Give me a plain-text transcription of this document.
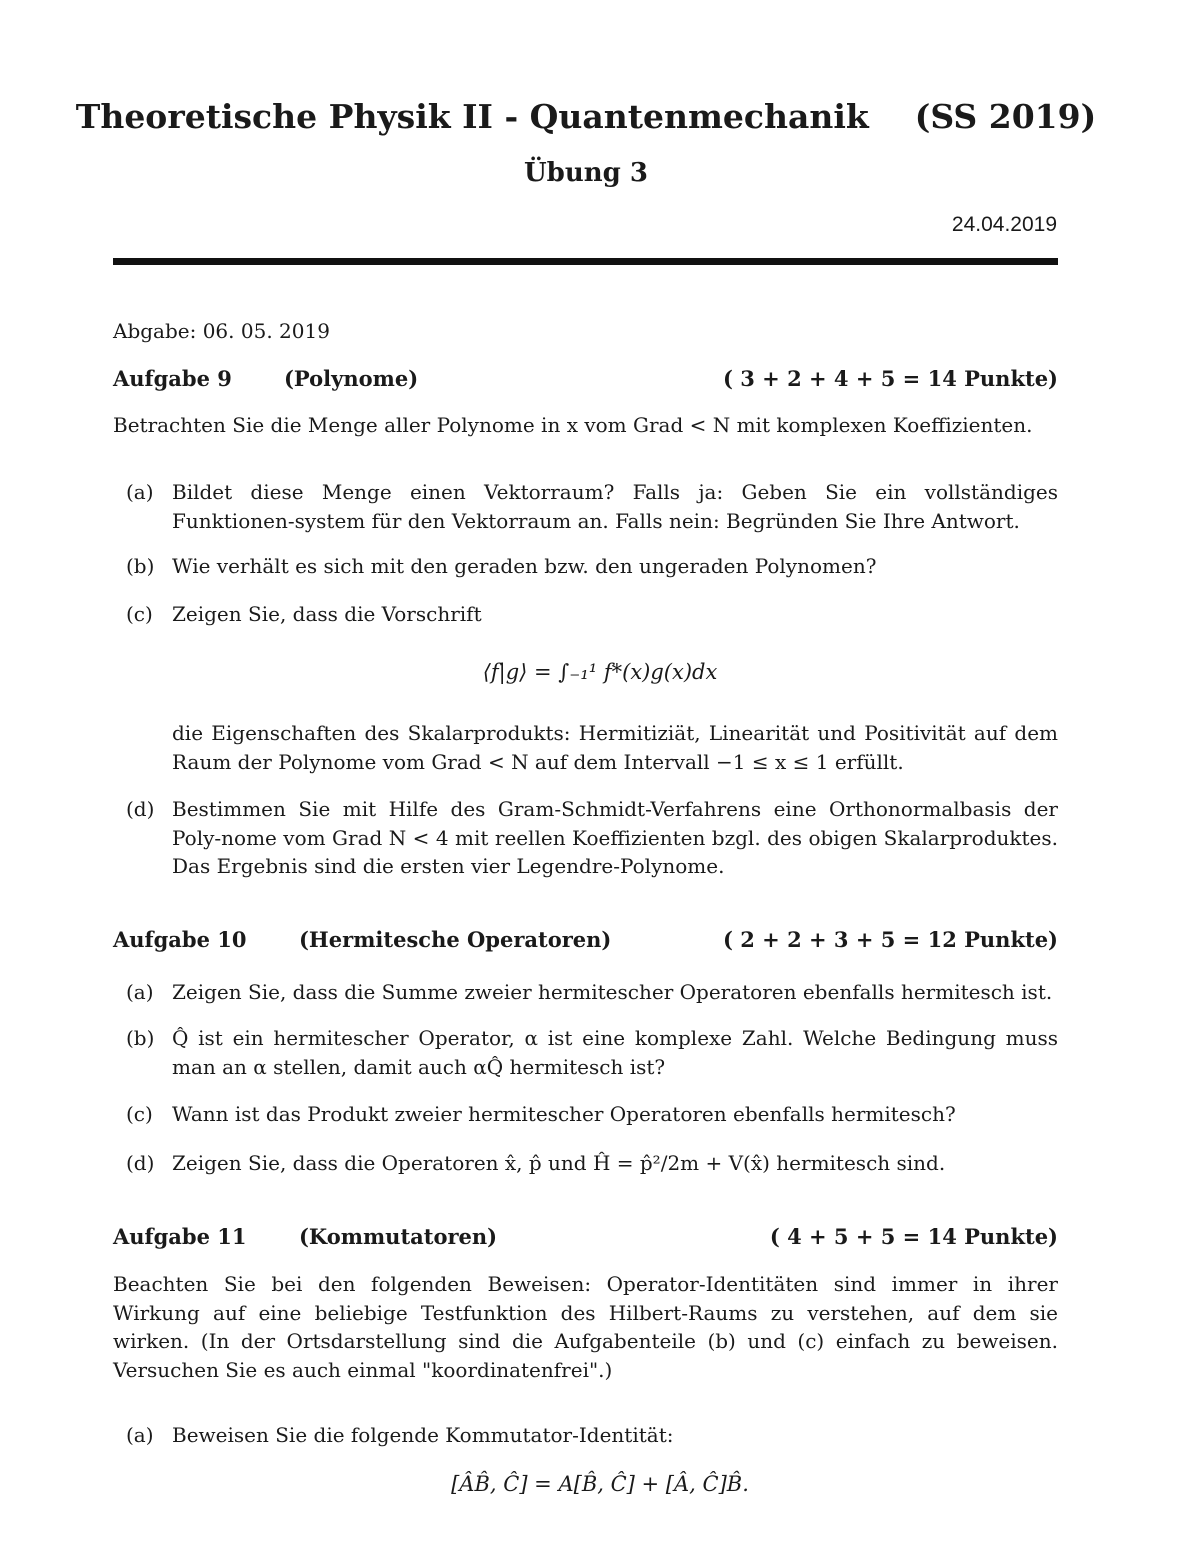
Theoretische Physik II - Quantenmechanik    (SS 2019)
Übung 3
24.04.2019
Abgabe: 06. 05. 2019
Aufgabe 9 (Polynome)	( 3 + 2 + 4 + 5 = 14 Punkte)
Betrachten Sie die Menge aller Polynome in x vom Grad < N mit komplexen Koeffizienten.
(a) Bildet diese Menge einen Vektorraum? Falls ja: Geben Sie ein vollständiges Funktionen-system für den Vektorraum an. Falls nein: Begründen Sie Ihre Antwort.
(b) Wie verhält es sich mit den geraden bzw. den ungeraden Polynomen?
(c) Zeigen Sie, dass die Vorschrift
⟨f|g⟩ = ∫₋₁¹ f*(x)g(x)dx
die Eigenschaften des Skalarprodukts: Hermitiziät, Linearität und Positivität auf dem Raum der Polynome vom Grad < N auf dem Intervall −1 ≤ x ≤ 1 erfüllt.
(d) Bestimmen Sie mit Hilfe des Gram-Schmidt-Verfahrens eine Orthonormalbasis der Poly-nome vom Grad N < 4 mit reellen Koeffizienten bzgl. des obigen Skalarproduktes. Das Ergebnis sind die ersten vier Legendre-Polynome.
Aufgabe 10	(Hermitesche Operatoren)	( 2 + 2 + 3 + 5 = 12 Punkte)
(a) Zeigen Sie, dass die Summe zweier hermitescher Operatoren ebenfalls hermitesch ist.
(b) Q̂ ist ein hermitescher Operator, α ist eine komplexe Zahl. Welche Bedingung muss man an α stellen, damit auch αQ̂ hermitesch ist?
(c) Wann ist das Produkt zweier hermitescher Operatoren ebenfalls hermitesch?
(d) Zeigen Sie, dass die Operatoren x̂, p̂ und Ĥ = p̂²/2m + V(x̂) hermitesch sind.
Aufgabe 11	(Kommutatoren)	( 4 + 5 + 5 = 14 Punkte)
Beachten Sie bei den folgenden Beweisen: Operator-Identitäten sind immer in ihrer Wirkung auf eine beliebige Testfunktion des Hilbert-Raums zu verstehen, auf dem sie wirken. (In der Ortsdarstellung sind die Aufgabenteile (b) und (c) einfach zu beweisen. Versuchen Sie es auch einmal "koordinatenfrei".)
(a) Beweisen Sie die folgende Kommutator-Identität:
[ÂB̂, Ĉ] = A[B̂, Ĉ] + [Â, Ĉ]B̂.
